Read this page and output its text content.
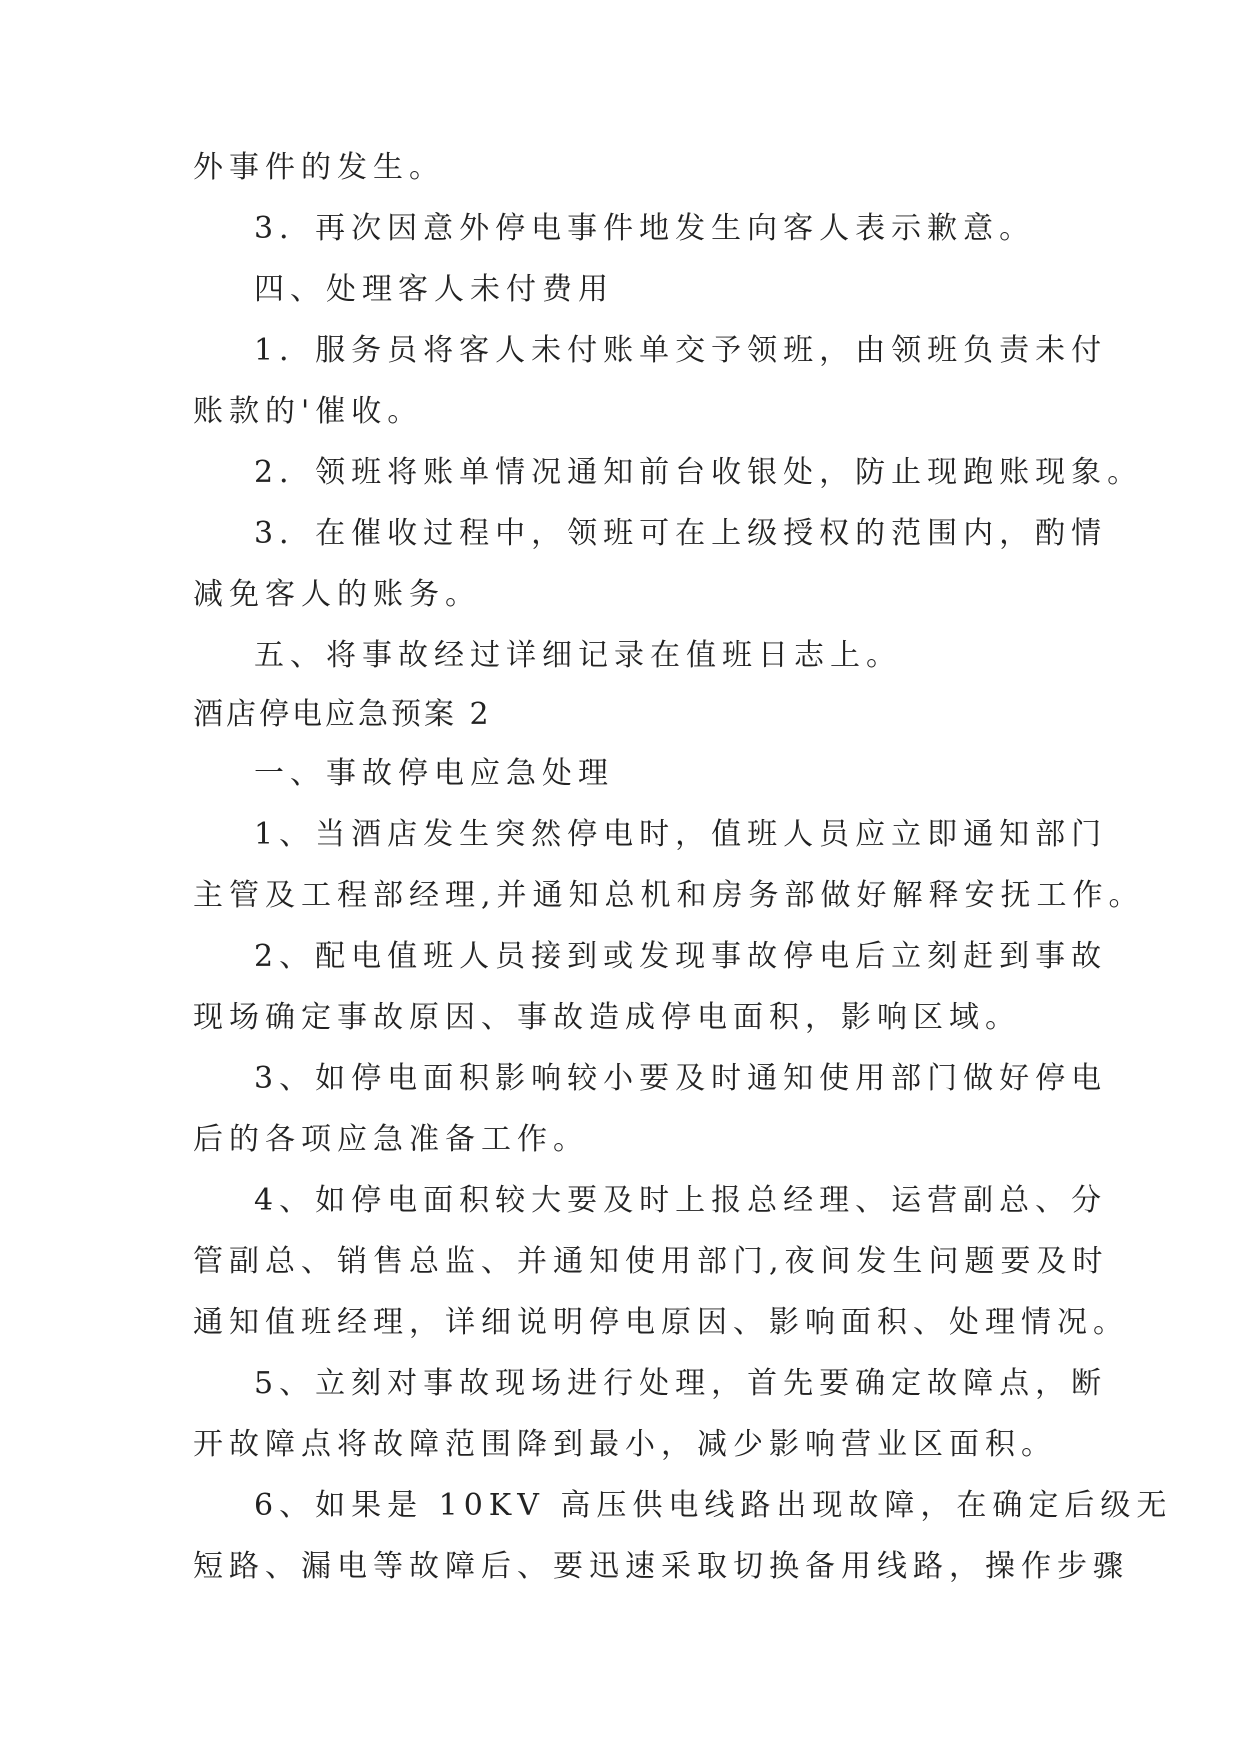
外事件的发生。
3．再次因意外停电事件地发生向客人表示歉意。
四、处理客人未付费用
1．服务员将客人未付账单交予领班，由领班负责未付
账款的'催收。
2．领班将账单情况通知前台收银处，防止现跑账现象。
3．在催收过程中，领班可在上级授权的范围内，酌情
减免客人的账务。
五、将事故经过详细记录在值班日志上。
酒店停电应急预案 2
一、事故停电应急处理
1、当酒店发生突然停电时，值班人员应立即通知部门
主管及工程部经理,并通知总机和房务部做好解释安抚工作。
2、配电值班人员接到或发现事故停电后立刻赶到事故
现场确定事故原因、事故造成停电面积，影响区域。
3、如停电面积影响较小要及时通知使用部门做好停电
后的各项应急准备工作。
4、如停电面积较大要及时上报总经理、运营副总、分
管副总、销售总监、并通知使用部门,夜间发生问题要及时
通知值班经理，详细说明停电原因、影响面积、处理情况。
5、立刻对事故现场进行处理，首先要确定故障点，断
开故障点将故障范围降到最小，减少影响营业区面积。
6、如果是 10KV 高压供电线路出现故障，在确定后级无
短路、漏电等故障后、要迅速采取切换备用线路，操作步骤
